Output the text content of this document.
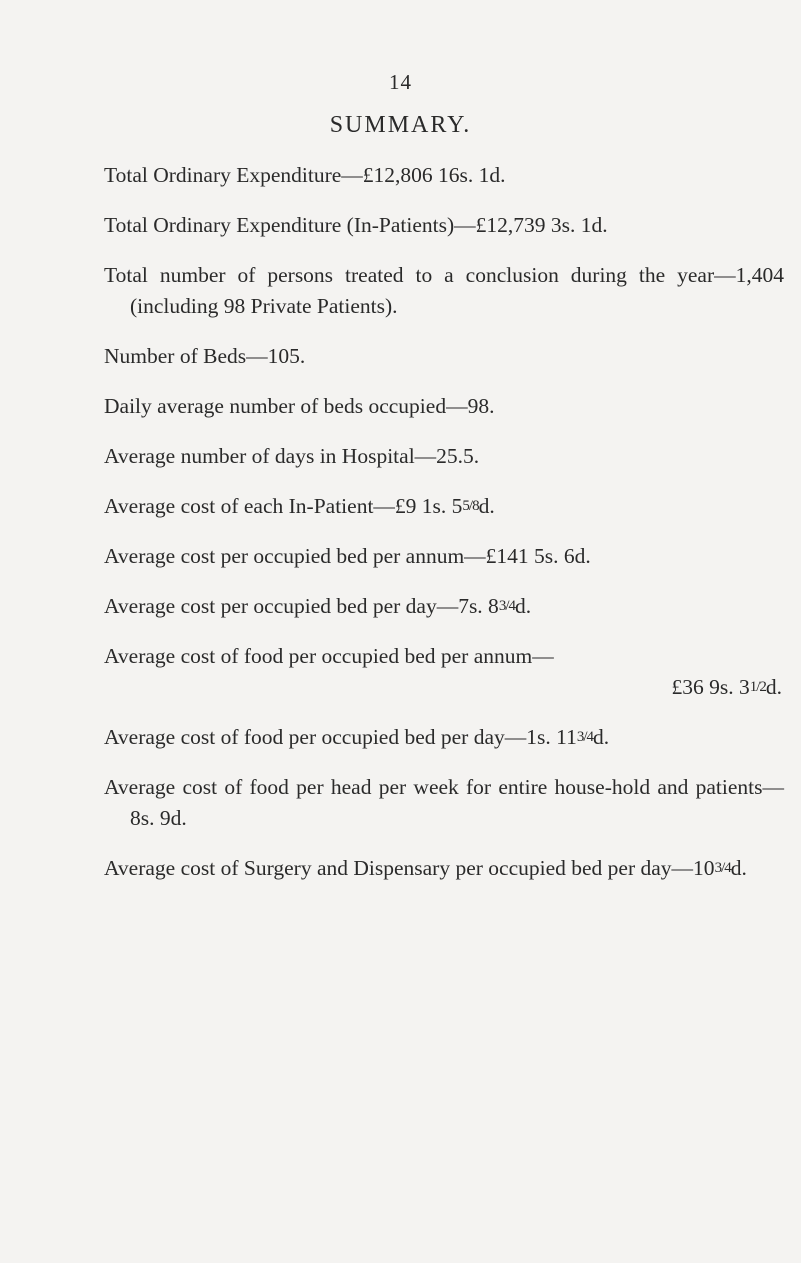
14
SUMMARY.
Total Ordinary Expenditure—£12,806 16s. 1d.
Total Ordinary Expenditure (In-Patients)—£12,739 3s. 1d.
Total number of persons treated to a conclusion during the year—1,404 (including 98 Private Patients).
Number of Beds—105.
Daily average number of beds occupied—98.
Average number of days in Hospital—25.5.
Average cost of each In-Patient—£9 1s. 55/8d.
Average cost per occupied bed per annum—£141 5s. 6d.
Average cost per occupied bed per day—7s. 83/4d.
Average cost of food per occupied bed per annum—
£36 9s. 31/2d.
Average cost of food per occupied bed per day—1s. 113/4d.
Average cost of food per head per week for entire house-hold and patients—8s. 9d.
Average cost of Surgery and Dispensary per occupied bed per day—103/4d.
